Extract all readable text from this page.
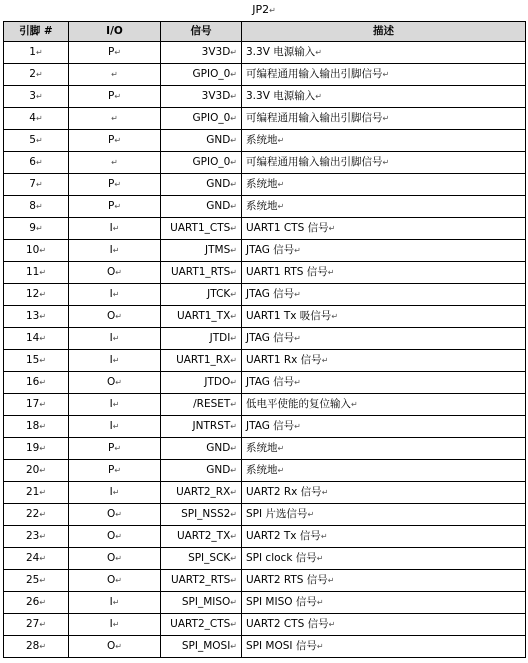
JP2↵
引脚 #	I/O	信号	描述
1↵	P↵	3V3D↵	3.3V 电源输入↵
2↵	↵	GPIO_0↵	可编程通用输入输出引脚信号↵
3↵	P↵	3V3D↵	3.3V 电源输入↵
4↵	↵	GPIO_0↵	可编程通用输入输出引脚信号↵
5↵	P↵	GND↵	系统地↵
6↵	↵	GPIO_0↵	可编程通用输入输出引脚信号↵
7↵	P↵	GND↵	系统地↵
8↵	P↵	GND↵	系统地↵
9↵	I↵	UART1_CTS↵	UART1 CTS 信号↵
10↵	I↵	JTMS↵	JTAG 信号↵
11↵	O↵	UART1_RTS↵	UART1 RTS 信号↵
12↵	I↵	JTCK↵	JTAG 信号↵
13↵	O↵	UART1_TX↵	UART1 Tx 吸信号↵
14↵	I↵	JTDI↵	JTAG 信号↵
15↵	I↵	UART1_RX↵	UART1 Rx 信号↵
16↵	O↵	JTDO↵	JTAG 信号↵
17↵	I↵	/RESET↵	低电平使能的复位输入↵
18↵	I↵	JNTRST↵	JTAG 信号↵
19↵	P↵	GND↵	系统地↵
20↵	P↵	GND↵	系统地↵
21↵	I↵	UART2_RX↵	UART2 Rx 信号↵
22↵	O↵	SPI_NSS2↵	SPI 片选信号↵
23↵	O↵	UART2_TX↵	UART2 Tx 信号↵
24↵	O↵	SPI_SCK↵	SPI clock 信号↵
25↵	O↵	UART2_RTS↵	UART2 RTS 信号↵
26↵	I↵	SPI_MISO↵	SPI MISO 信号↵
27↵	I↵	UART2_CTS↵	UART2 CTS 信号↵
28↵	O↵	SPI_MOSI↵	SPI MOSI 信号↵
